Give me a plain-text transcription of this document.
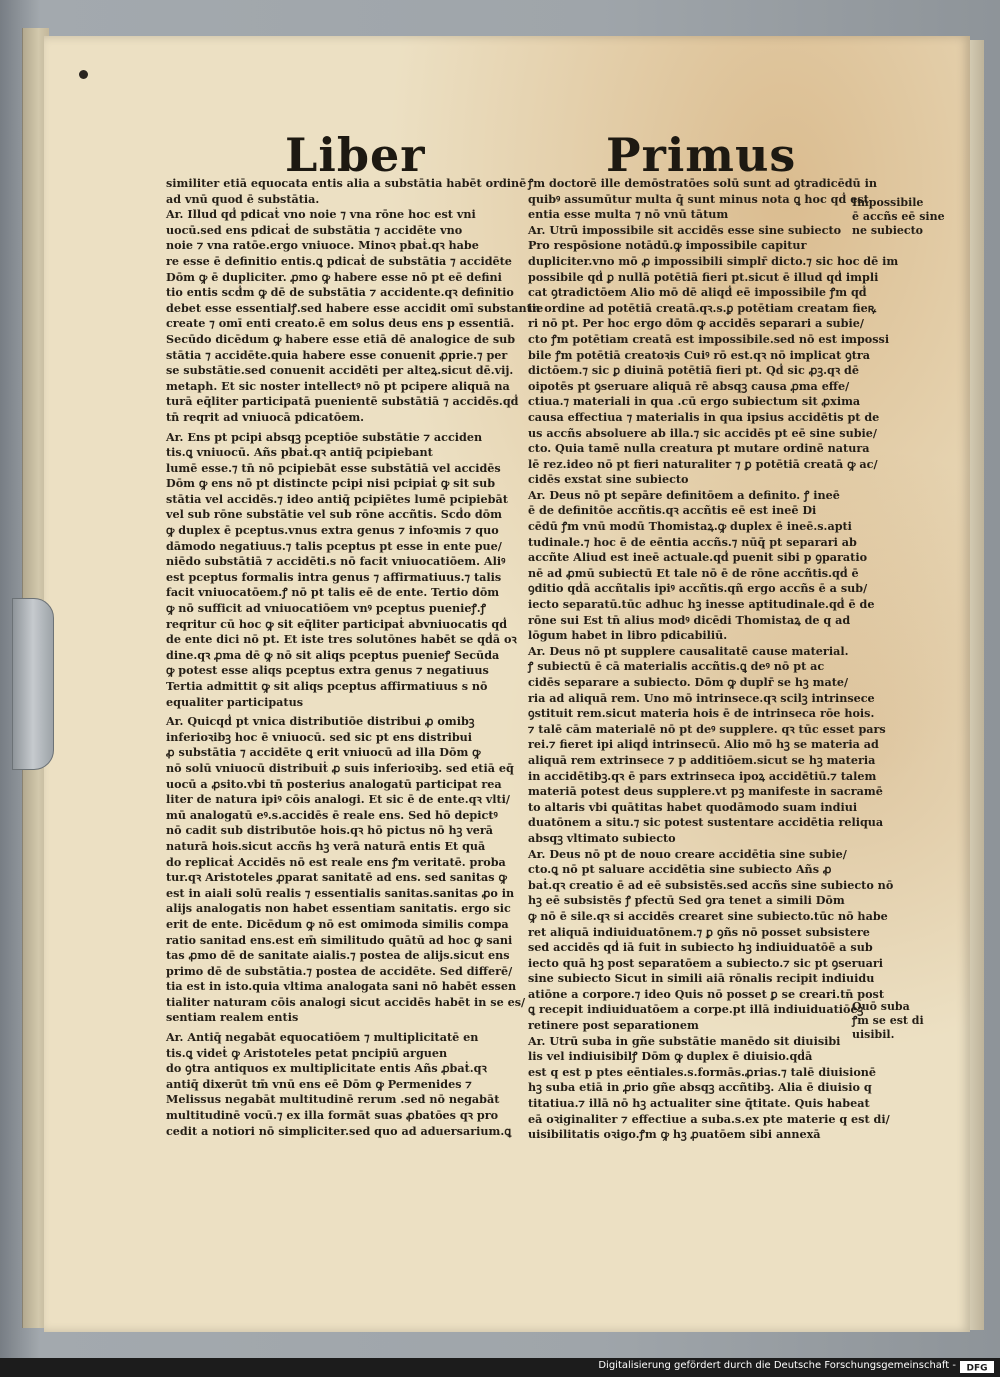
Liber	Primus
similiter etiā equocata entis alia a substātia habēt ordinē
ad vnū quod ē substātia.
Ar. Illud qḋ pdicaṫ vno noie ⁊ vna rōne hoc est vni
uocū.sed ens pdicaṫ de substātia ⁊ accidēte vno
noie ⁊ vna ratōe.ergo vniuoce. Minoꝛ pbaṫ.qꝛ habe
re esse ē definitio entis.ꝗ pdicaṫ de substātia ⁊ accidēte
Dōm ꝙ ē dupliciter. ꝓmo ꝙ habere esse nō pt eē defini
tio entis scḋm ꝙ dē de substātia ⁊ accidente.qꝛ definitio
debet esse essentialꝭ.sed habere esse accidit omī substantie
create ⁊ omī enti creato.ē em solus deus ens p essentiā.
Secūdo dicēdum ꝙ habere esse etiā dē analogice de sub
stātia ⁊ accidēte.quia habere esse conuenit ꝓprie.⁊ per
se substātie.sed conuenit accidēti per alteꝝ.sicut dē.vij.
metaph. Et sic noster intellectꝰ nō pt pcipere aliquā na
turā eq̄liter participatā puenientē substātiā ⁊ accidēs.qḋ
tn̄ reqrit ad vniuocā pdicatōem.
Ar. Ens pt pcipi absqꝫ pceptiōe substātie ⁊ acciden
tis.ꝗ vniuocū. Añs pbaṫ.qꝛ antiq̄ pcipiebant
lumē esse.⁊ tn̄ nō pcipiebāt esse substātiā vel accidēs
Dōm ꝙ ens nō pt distincte pcipi nisi pcipiaṫ ꝙ sit sub
stātia vel accidēs.⁊ ideo antiq̄ pcipiētes lumē pcipiebāt
vel sub rōne substātie vel sub rōne accñtis. Scḋo dōm
ꝙ duplex ē pceptus.vnus extra genus ⁊ infoꝛmis ⁊ quo
dāmodo negatiuus.⁊ talis pceptus pt esse in ente pue/
niēdo substātiā ⁊ accidēti.s nō facit vniuocatiōem. Aliꝰ
est pceptus formalis intra genus ⁊ affirmatiuus.⁊ talis
facit vniuocatōem.ꝭ nō pt talis eē de ente. Tertio dōm
ꝙ nō sufficit ad vniuocatiōem vnꝰ pceptus puenieꝭ.ꝭ
reqritur cū hoc ꝙ sit eq̄liter participaṫ abvniuocatis qḋ
de ente dici nō pt. Et iste tres solutōnes habēt se qḋā oꝛ
dine.qꝛ ꝓma dē ꝙ nō sit aliqs pceptus puenieꝭ Secūda
ꝙ potest esse aliqs pceptus extra genus ⁊ negatiuus
Tertia admittit ꝙ sit aliqs pceptus affirmatiuus s nō
equaliter participatus
Ar. Quicqḋ pt vnica distributiōe distribui ꝓ omibꝫ
inferioꝛibꝫ hoc ē vniuocū. sed sic pt ens distribui
ꝓ substātia ⁊ accidēte ꝗ erit vniuocū ad illa Dōm ꝙ
nō solū vniuocū distribuiṫ ꝓ suis inferioꝛibꝫ. sed etiā eq̄
uocū a ꝓsito.vbi tn̄ posterius analogatū participat rea
liter de natura ipiꝰ cōis analogi. Et sic ē de ente.qꝛ vlti/
mū analogatū eꝰ.s.accidēs ē reale ens. Sed hō depictꝰ
nō cadit sub distributōe hois.qꝛ hō pictus nō hꝫ verā
naturā hois.sicut accñs hꝫ verā naturā entis Et quā
do replicaṫ Accidēs nō est reale ens ꝭm veritatē. proba
tur.qꝛ Aristoteles ꝓparat sanitatē ad ens. sed sanitas ꝙ
est in aiali solū realis ⁊ essentialis sanitas.sanitas ꝓo in
alijs analogatis non habet essentiam sanitatis. ergo sic
erit de ente. Dicēdum ꝙ nō est omimoda similis compa
ratio sanitad ens.est em̄ similitudo quātū ad hoc ꝙ sani
tas ꝓmo dē de sanitate aialis.⁊ postea de alijs.sicut ens
primo dē de substātia.⁊ postea de accidēte. Sed differē/
tia est in isto.quia vltima analogata sani nō habēt essen
tialiter naturam cōis analogi sicut accidēs habēt in se es/
sentiam realem entis
Ar. Antiq̄ negabāt equocatiōem ⁊ multiplicitatē en
tis.ꝗ videṫ ꝙ Aristoteles petat pncipiū arguen
do ꝯtra antiquos ex multiplicitate entis Añs ꝓbaṫ.qꝛ
antiq̄ dixerūt tm̄ vnū ens eē Dōm ꝙ Permenides ⁊
Melissus negabāt multitudinē rerum .sed nō negabāt
multitudinē vocū.⁊ ex illa formāt suas ꝓbatōes qꝛ pro
cedit a notiori nō simpliciter.sed quo ad aduersarium.ꝗ
ꝭm doctorē ille demōstratōes solū sunt ad ꝯtradicēdū in
quibꝰ assumūtur multa q̄ sunt minus nota ꝗ hoc qḋ est
entia esse multa ⁊ nō vnū tātum
Ar. Utrū impossibile sit accidēs esse sine subiecto
Pro respōsione notādū.ꝙ impossibile capitur
dupliciter.vno mō ꝓ impossibili simplr̄ dicto.⁊ sic hoc dē im
possibile qḋ ꝑ nullā potētiā fieri pt.sicut ē illud qḋ impli
cat ꝯtradictōem Alio mō dē aliqḋ eē impossibile ꝭm qḋ
in ordine ad potētiā creatā.qꝛ.s.ꝑ potētiam creatam fieꝶ
ri nō pt. Per hoc ergo dōm ꝙ accidēs separari a subie/
cto ꝭm potētiam creatā est impossibile.sed nō est impossi
bile ꝭm potētiā creatoꝛis Cuiꝰ rō est.qꝛ nō implicat ꝯtra
dictōem.⁊ sic ꝑ diuinā potētiā fieri pt. Qḋ sic ꝓꝫ.qꝛ dē
oipotēs pt ꝯseruare aliquā rē absqꝫ causa ꝓma effe/
ctiua.⁊ materiali in qua .cū ergo subiectum sit ꝓxima
causa effectiua ⁊ materialis in qua ipsius accidētis pt de
us accñs absoluere ab illa.⁊ sic accidēs pt eē sine subie/
cto. Quia tamē nulla creatura pt mutare ordinē natura
lē rez.ideo nō pt fieri naturaliter ⁊ ꝑ potētiā creatā ꝙ ac/
cidēs exstat sine subiecto
Ar. Deus nō pt sepāre definitōem a definito. ꝭ ineē
ē de definitōe accñtis.qꝛ accñtis eē est ineē Di
cēdū ꝭm vnū modū Thomistaꝝ.ꝙ duplex ē ineē.s.apti
tudinale.⁊ hoc ē de eēntia accñs.⁊ nūq̄ pt separari ab
accñte Aliud est ineē actuale.qḋ puenit sibi p ꝯparatio
nē ad ꝓmū subiectū Et tale nō ē de rōne accñtis.qḋ ē
ꝯditio qḋā accñtalis ipiꝰ accñtis.qñ ergo accñs ē a sub/
iecto separatū.tūc adhuc hꝫ inesse aptitudinale.qḋ ē de
rōne sui Est tn̄ alius modꝰ dicēdi Thomistaꝝ de q ad
lōgum habet in libro pdicabiliū.
Ar. Deus nō pt supplere causalitatē cause material.
ꝭ subiectū ē cā materialis accñtis.ꝗ deꝰ nō pt ac
cidēs separare a subiecto. Dōm ꝙ duplr̄ se hꝫ mate/
ria ad aliquā rem. Uno mō intrinsece.qꝛ scilꝫ intrinsece
ꝯstituit rem.sicut materia hois ē de intrinseca rōe hois.
⁊ talē cām materialē nō pt deꝰ supplere. qꝛ tūc esset pars
rei.⁊ fieret ipi aliqḋ intrinsecū. Alio mō hꝫ se materia ad
aliquā rem extrinsece ⁊ p additiōem.sicut se hꝫ materia
in accidētibꝫ.qꝛ ē pars extrinseca ipoꝝ accidētiū.⁊ talem
materiā potest deus supplere.vt pꝫ manifeste in sacramē
to altaris vbi quātitas habet quodāmodo suam indiui
duatōnem a situ.⁊ sic potest sustentare accidētia reliqua
absqꝫ vltimato subiecto
Ar. Deus nō pt de nouo creare accidētia sine subie/
cto.ꝗ nō pt saluare accidētia sine subiecto Añs ꝓ
baṫ.qꝛ creatio ē ad eē subsistēs.sed accñs sine subiecto nō
hꝫ eē subsistēs ꝭ pfectū Sed ꝯra tenet a simili Dōm
ꝙ nō ē sile.qꝛ si accidēs crearet sine subiecto.tūc nō habe
ret aliquā indiuiduatōnem.⁊ ꝑ ꝯñs nō posset subsistere
sed accidēs qḋ iā fuit in subiecto hꝫ indiuiduatōē a sub
iecto quā hꝫ post separatōem a subiecto.⁊ sic pt ꝯseruari
sine subiecto Sicut in simili aiā rōnalis recipit indiuidu
atiōne a corpore.⁊ ideo Quis nō posset ꝑ se creari.tn̄ post
ꝗ recepit indiuiduatōem a corpe.pt illā indiuiduatiōeꝫ
retinere post separationem
Ar. Utrū suba in gñe substātie manēdo sit diuisibi
lis vel indiuisibilꝭ Dōm ꝙ duplex ē diuisio.qḋā
est q est p ptes eēntiales.s.formās.ꝓrias.⁊ talē diuisionē
hꝫ suba etiā in ꝓrio gñe absqꝫ accñtibꝫ. Alia ē diuisio q
titatiua.⁊ illā nō hꝫ actualiter sine q̄titate. Quis habeat
eā oꝛiginaliter ⁊ effectiue a suba.s.ex pte materie q est di/
uisibilitatis oꝛigo.ꝭm ꝙ hꝫ ꝓuatōem sibi annexā
Impossibile
ē accñs eē sine
ne subiecto
Quō suba
ꝭm se est di
uisibil.
Digitalisierung gefördert durch die Deutsche Forschungsgemeinschaft - DFG
